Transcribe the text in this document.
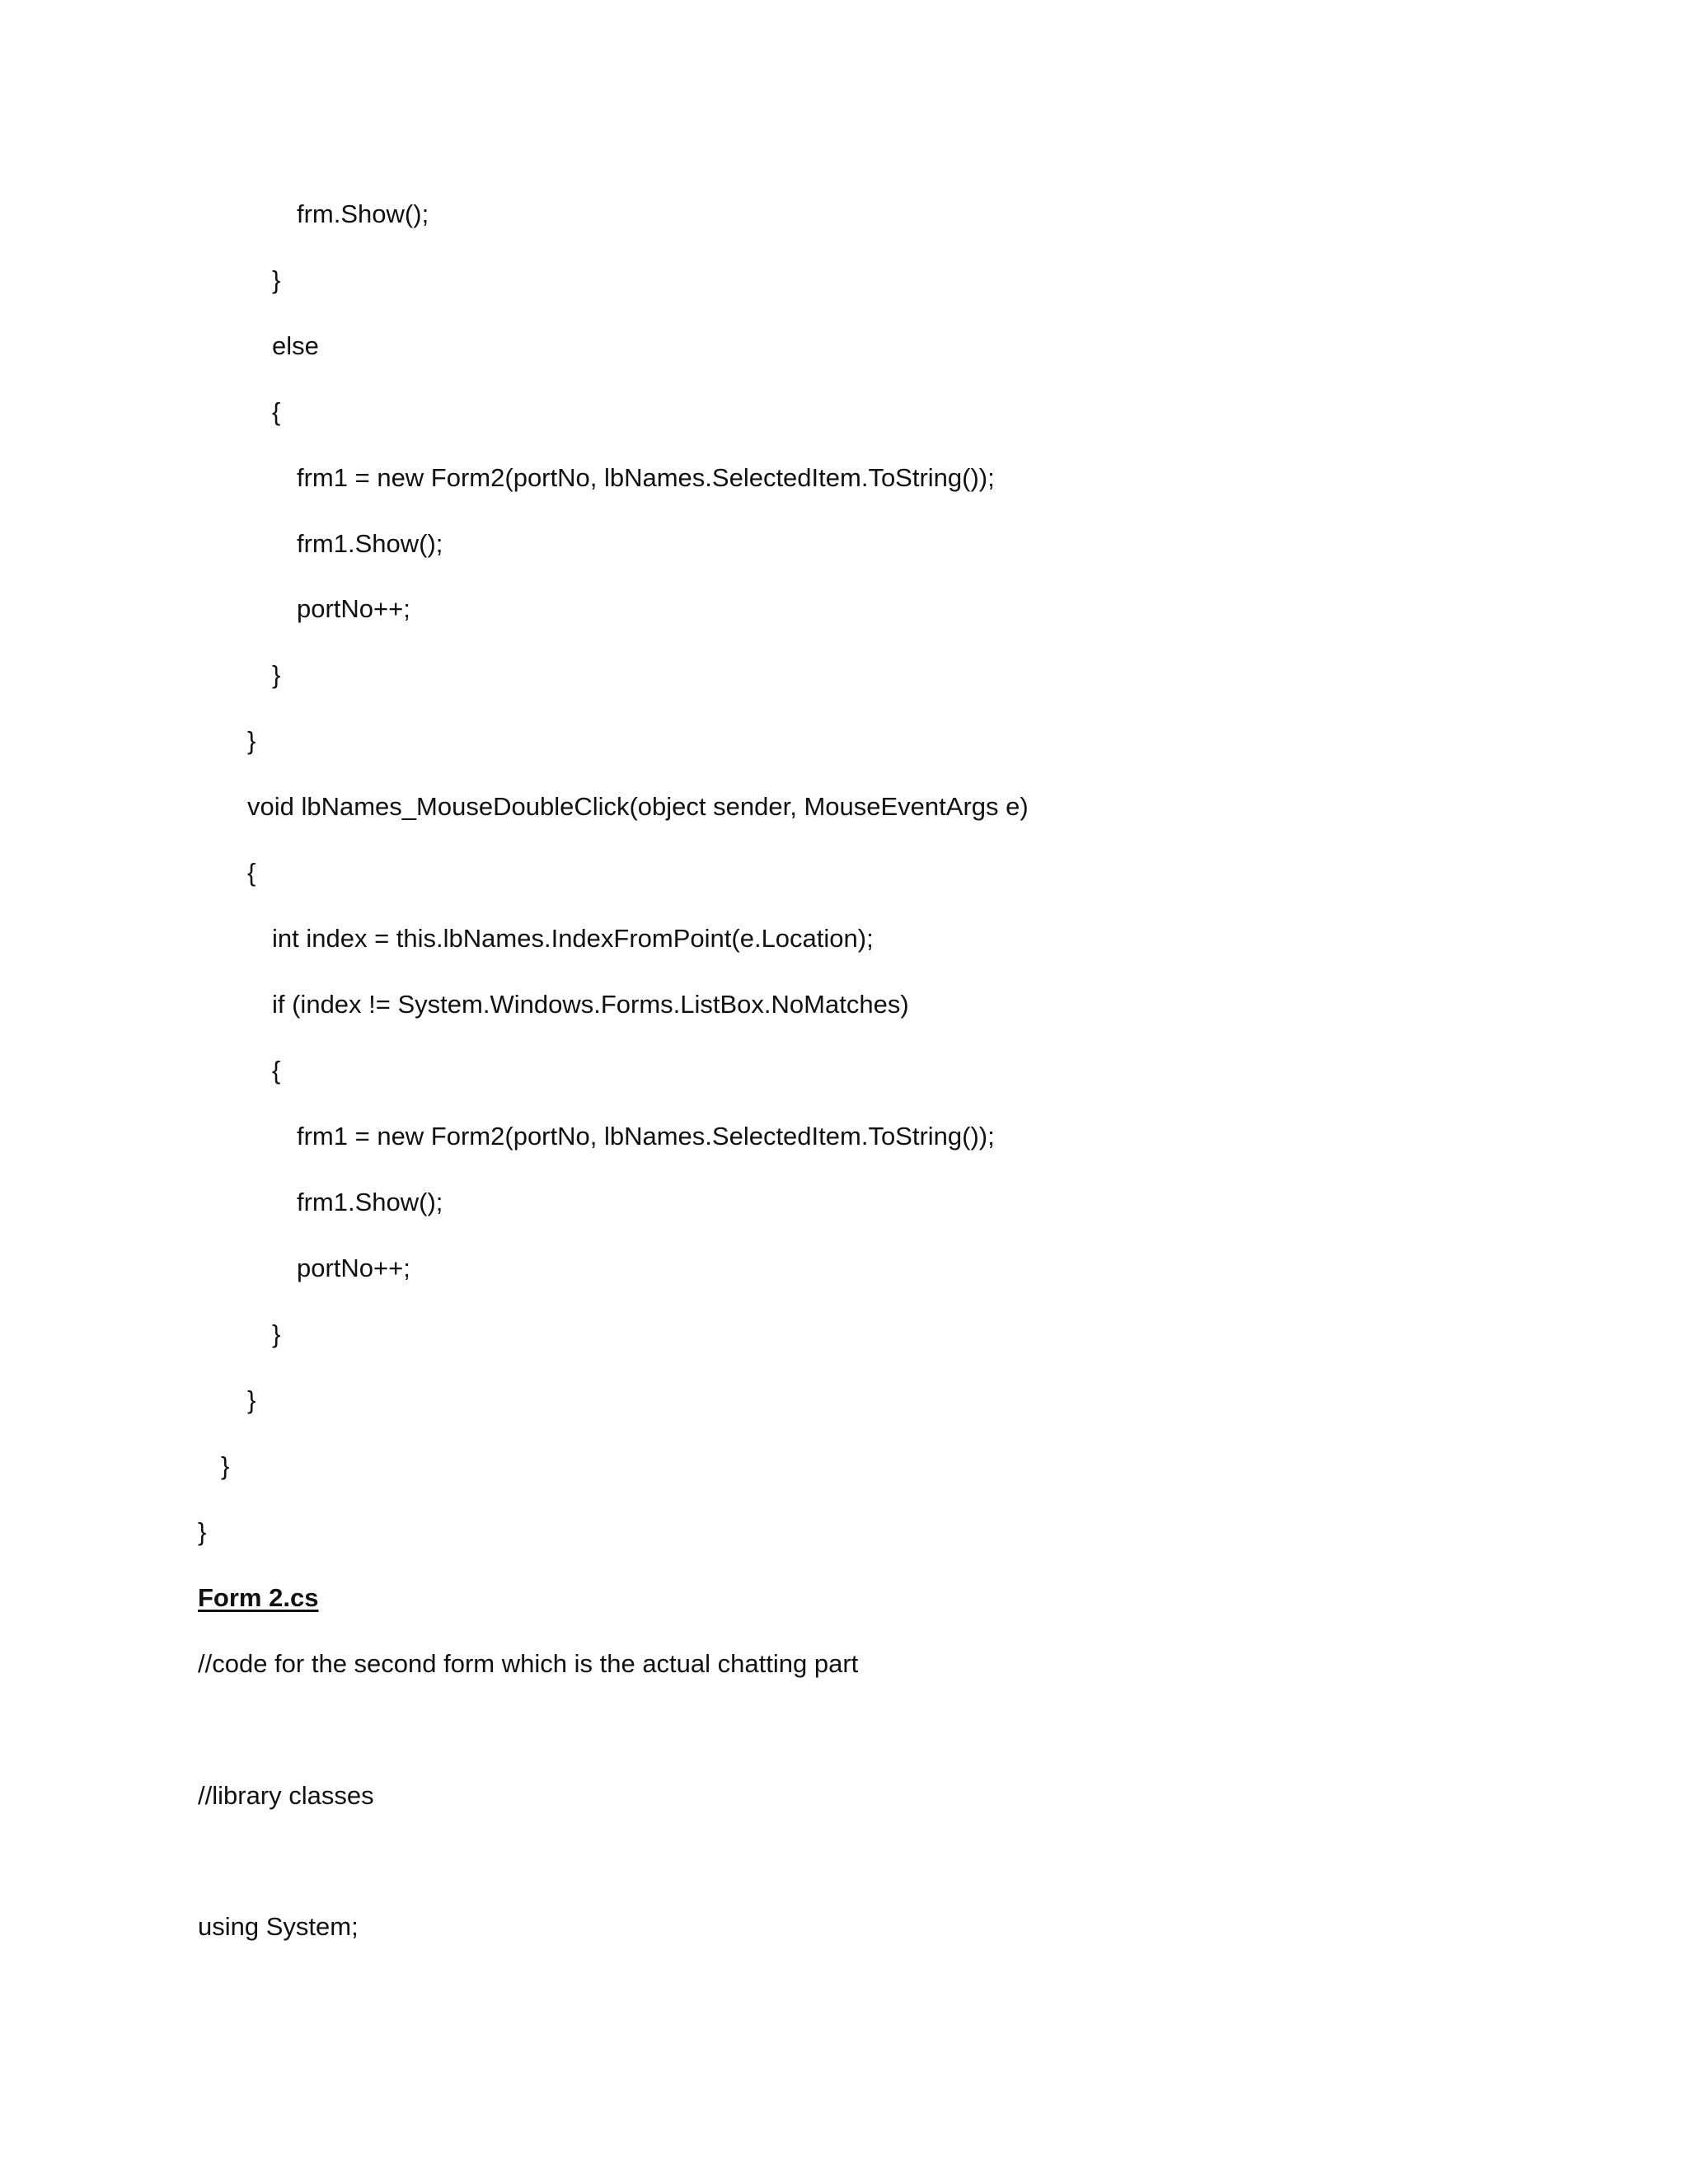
frm.Show();
}
else
{
frm1 = new Form2(portNo, lbNames.SelectedItem.ToString());
frm1.Show();
portNo++;
}
}
void lbNames_MouseDoubleClick(object sender, MouseEventArgs e)
{
int index = this.lbNames.IndexFromPoint(e.Location);
if (index != System.Windows.Forms.ListBox.NoMatches)
{
frm1 = new Form2(portNo, lbNames.SelectedItem.ToString());
frm1.Show();
portNo++;
}
}
}
}
Form 2.cs
//code for the second form which is the actual chatting part
//library classes
using System;
